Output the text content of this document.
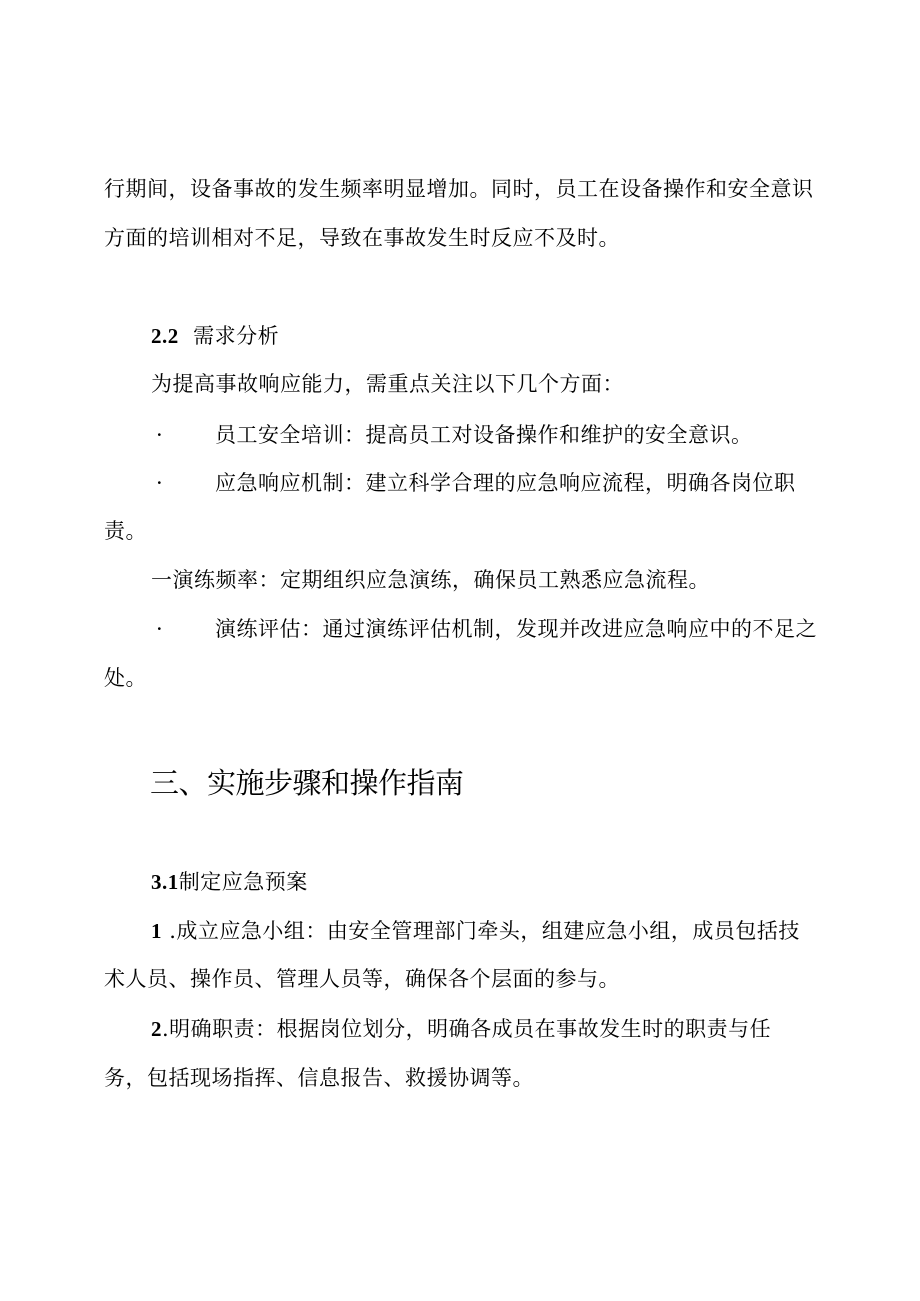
行期间，设备事故的发生频率明显增加。同时，员工在设备操作和安全意识
方面的培训相对不足，导致在事故发生时反应不及时。
2.2 需求分析
为提高事故响应能力，需重点关注以下几个方面：
· 员工安全培训：提高员工对设备操作和维护的安全意识。
· 应急响应机制：建立科学合理的应急响应流程，明确各岗位职
责。
一演练频率：定期组织应急演练，确保员工熟悉应急流程。
· 演练评估：通过演练评估机制，发现并改进应急响应中的不足之
处。
三、实施步骤和操作指南
3.1制定应急预案
1 .成立应急小组：由安全管理部门牵头，组建应急小组，成员包括技
术人员、操作员、管理人员等，确保各个层面的参与。
2.明确职责：根据岗位划分，明确各成员在事故发生时的职责与任
务，包括现场指挥、信息报告、救援协调等。
